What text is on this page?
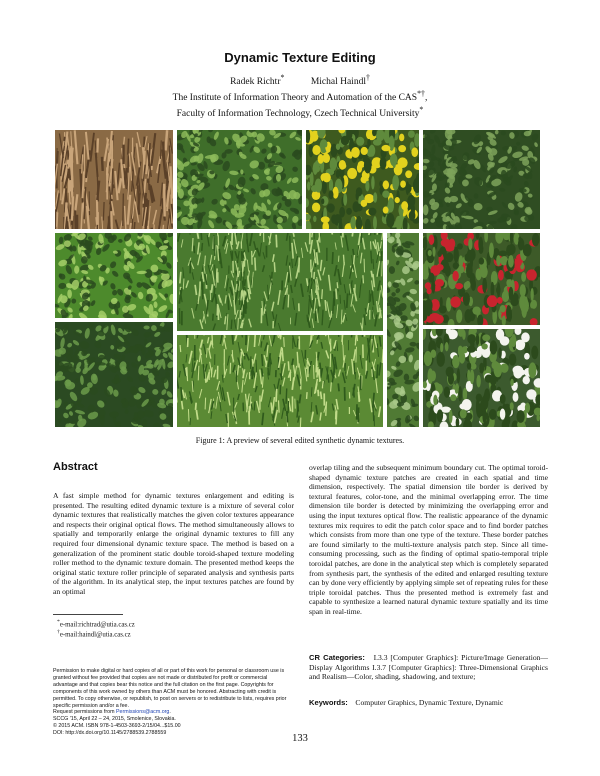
Dynamic Texture Editing
Radek Richtr*	Michal Haindl†
The Institute of Information Theory and Automation of the CAS*†,
Faculty of Information Technology, Czech Technical University*
Figure 1: A preview of several edited synthetic dynamic textures.
Abstract
A fast simple method for dynamic textures enlargement and editing is presented. The resulting edited dynamic texture is a mixture of several color dynamic textures that realistically matches the given color textures appearance and respects their original optical flows. The method simultaneously allows to spatially and temporarily enlarge the original dynamic textures to fill any required four dimensional dynamic texture space. The method is based on a generalization of the prominent static double toroid-shaped texture modeling roller method to the dynamic texture domain. The presented method keeps the original static texture roller principle of separated analysis and synthesis parts of the algorithm. In its analytical step, the input textures patches are found by an optimal
overlap tiling and the subsequent minimum boundary cut. The optimal toroid-shaped dynamic texture patches are created in each spatial and time dimension, respectively. The spatial dimension tile border is derived by textural features, color-tone, and the minimal overlapping error. The time dimension tile border is detected by minimizing the overlapping error and using the input textures optical flow. The realistic appearance of the dynamic textures mix requires to edit the patch color space and to find border patches which consists from more than one type of the texture. These border patches are found similarly to the multi-texture analysis patch step. Since all time-consuming processing, such as the finding of optimal spatio-temporal triple toroidal patches, are done in the analytical step which is completely separated from synthesis part, the synthesis of the edited and enlarged resulting texture can by done very efficiently by applying simple set of repeating rules for these triple toroidal patches. Thus the presented method is extremely fast and capable to synthesize a learned natural dynamic texture spatially and its time span in real-time.
*e-mail:richtrad@utia.cas.cz
†e-mail:haindl@utia.cas.cz
Permission to make digital or hard copies of all or part of this work for personal or classroom use is granted without fee provided that copies are not made or distributed for profit or commercial advantage and that copies bear this notice and the full citation on the first page. Copyrights for components of this work owned by others than ACM must be honored. Abstracting with credit is permitted. To copy otherwise, or republish, to post on servers or to redistribute to lists, requires prior specific permission and/or a fee.
Request permissions from Permissions@acm.org.
SCCG '15, April 22 – 24, 2015, Smolenice, Slovakia.
© 2015 ACM. ISBN 978-1-4503-3693-2/15/04...$15.00
DOI: http://dx.doi.org/10.1145/2788539.2788559
CR Categories: I.3.3 [Computer Graphics]: Picture/Image Generation—Display Algorithms I.3.7 [Computer Graphics]: Three-Dimensional Graphics and Realism—Color, shading, shadowing, and texture;
Keywords: Computer Graphics, Dynamic Texture, Dynamic
133
